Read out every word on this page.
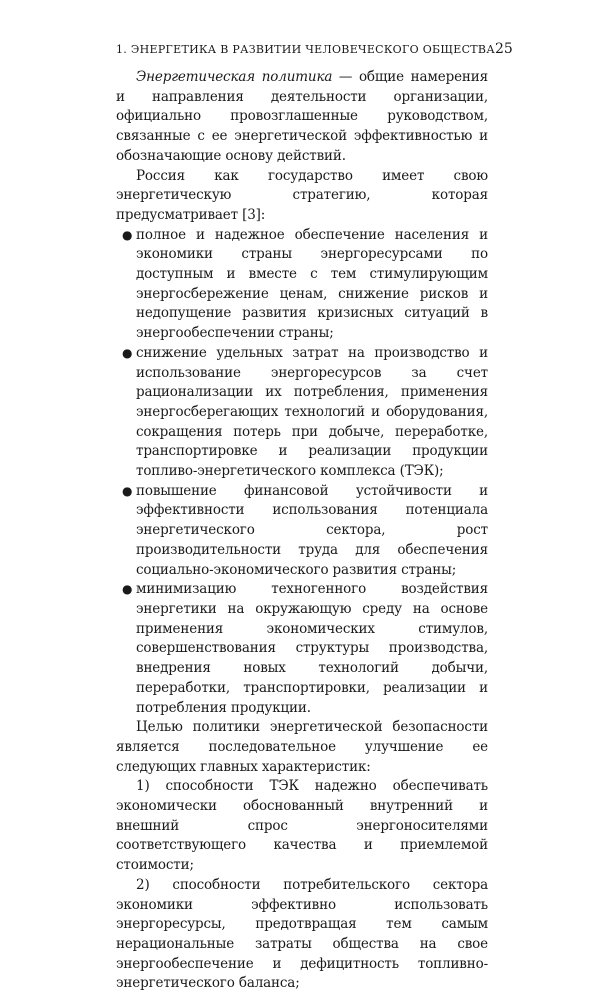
1. ЭНЕРГЕТИКА В РАЗВИТИИ ЧЕЛОВЕЧЕСКОГО ОБЩЕСТВА 25

Энергетическая политика — общие намерения и направления деятельности организации, официально провозглашенные руководством, связанные с ее энергетической эффективностью и обозначающие основу действий.

Россия как государство имеет свою энергетическую стратегию, которая предусматривает [3]:

● полное и надежное обеспечение населения и экономики страны энергоресурсами по доступным и вместе с тем стимулирующим энергосбережение ценам, снижение рисков и недопущение развития кризисных ситуаций в энергообеспечении страны;
● снижение удельных затрат на производство и использование энергоресурсов за счет рационализации их потребления, применения энергосберегающих технологий и оборудования, сокращения потерь при добыче, переработке, транспортировке и реализации продукции топливо-энергетического комплекса (ТЭК);
● повышение финансовой устойчивости и эффективности использования потенциала энергетического сектора, рост производительности труда для обеспечения социально-экономического развития страны;
● минимизацию техногенного воздействия энергетики на окружающую среду на основе применения экономических стимулов, совершенствования структуры производства, внедрения новых технологий добычи, переработки, транспортировки, реализации и потребления продукции.

Целью политики энергетической безопасности является последовательное улучшение ее следующих главных характеристик:

1) способности ТЭК надежно обеспечивать экономически обоснованный внутренний и внешний спрос энергоносителями соответствующего качества и приемлемой стоимости;

2) способности потребительского сектора экономики эффективно использовать энергоресурсы, предотвращая тем самым нерациональные затраты общества на свое энергообеспечение и дефицитность топливно-энергетического баланса;
